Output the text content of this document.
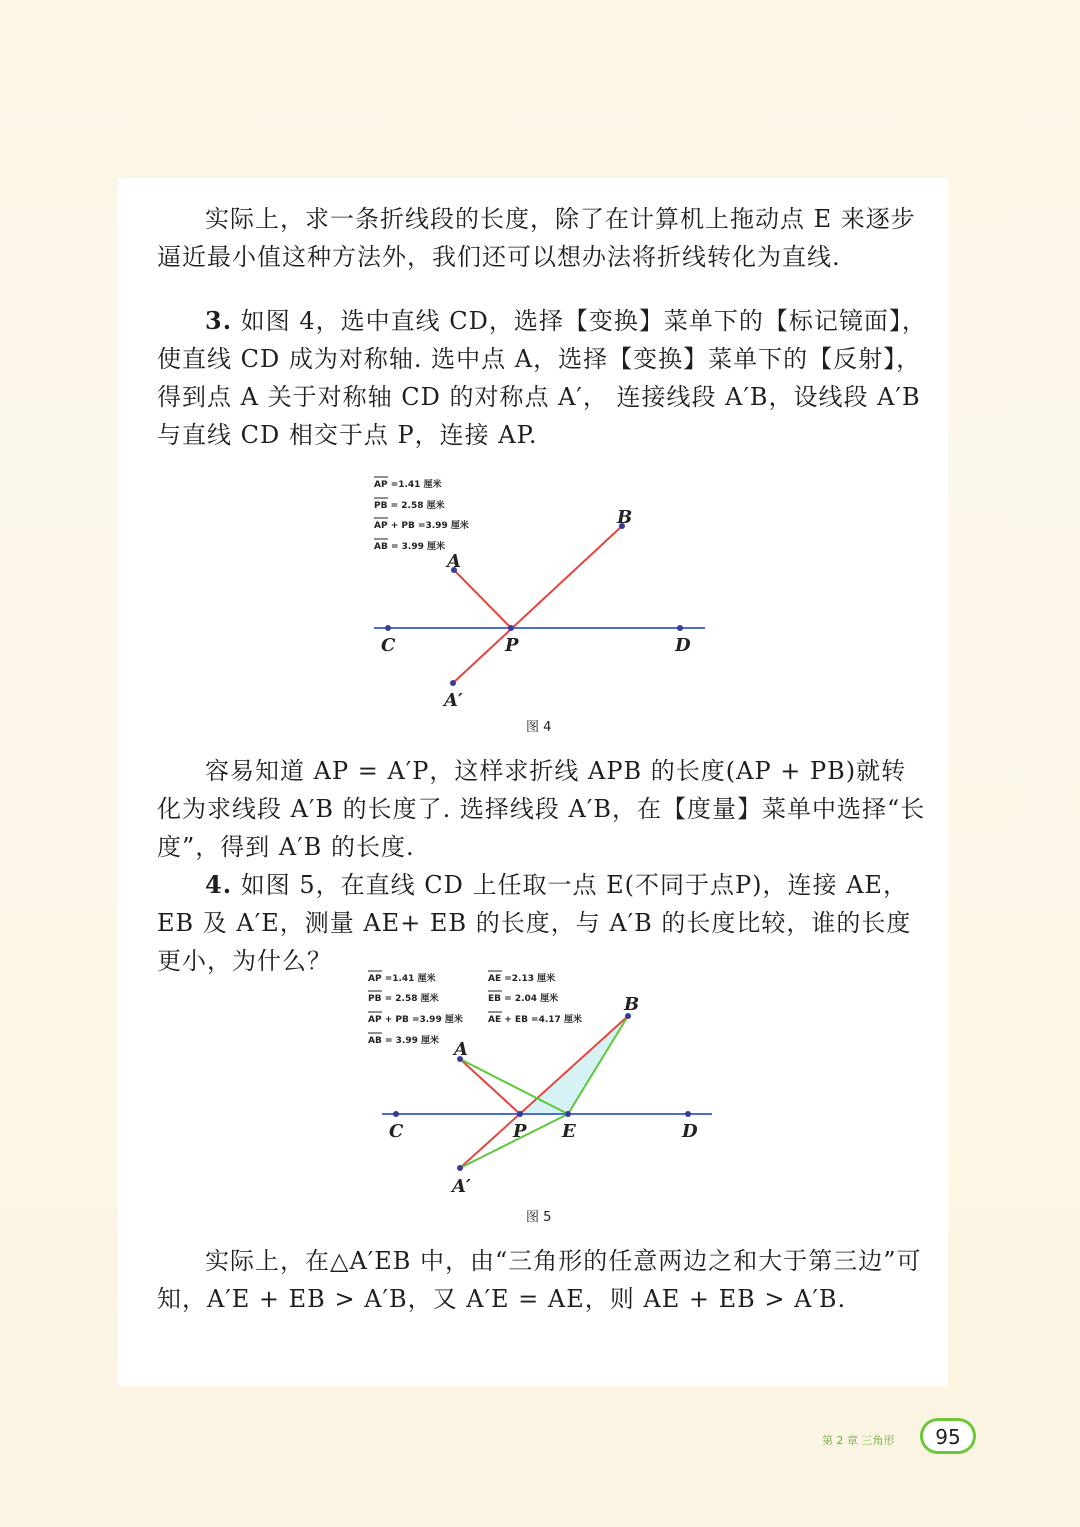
实际上，求一条折线段的长度，除了在计算机上拖动点 E 来逐步逼近最小值这种方法外，我们还可以想办法将折线转化为直线.

3. 如图 4，选中直线 CD，选择【变换】菜单下的【标记镜面】，使直线 CD 成为对称轴. 选中点 A，选择【变换】菜单下的【反射】，得到点 A 关于对称轴 CD 的对称点 A′， 连接线段 A′B，设线段 A′B 与直线 CD 相交于点 P，连接 AP.

AP =1.41 厘米
PB = 2.58 厘米
AP + PB =3.99 厘米
AB = 3.99 厘米
A
B
C	P	D
A′
图 4

容易知道 AP = A′P，这样求折线 APB 的长度(AP + PB)就转化为求线段 A′B 的长度了. 选择线段 A′B，在【度量】菜单中选择“长度”，得到 A′B 的长度.

4. 如图 5，在直线 CD 上任取一点 E(不同于点P)，连接 AE，EB 及 A′E，测量 AE+ EB 的长度，与 A′B 的长度比较，谁的长度更小，为什么？

AP =1.41 厘米
PB = 2.58 厘米
AP + PB =3.99 厘米
AB = 3.99 厘米
AE =2.13 厘米
EB = 2.04 厘米
AE + EB =4.17 厘米
A
B
C	P E	D
A′
图 5

实际上，在△A′EB 中，由“三角形的任意两边之和大于第三边”可知，A′E + EB > A′B，又 A′E = AE，则 AE + EB > A′B.

第 2 章 三角形	95
